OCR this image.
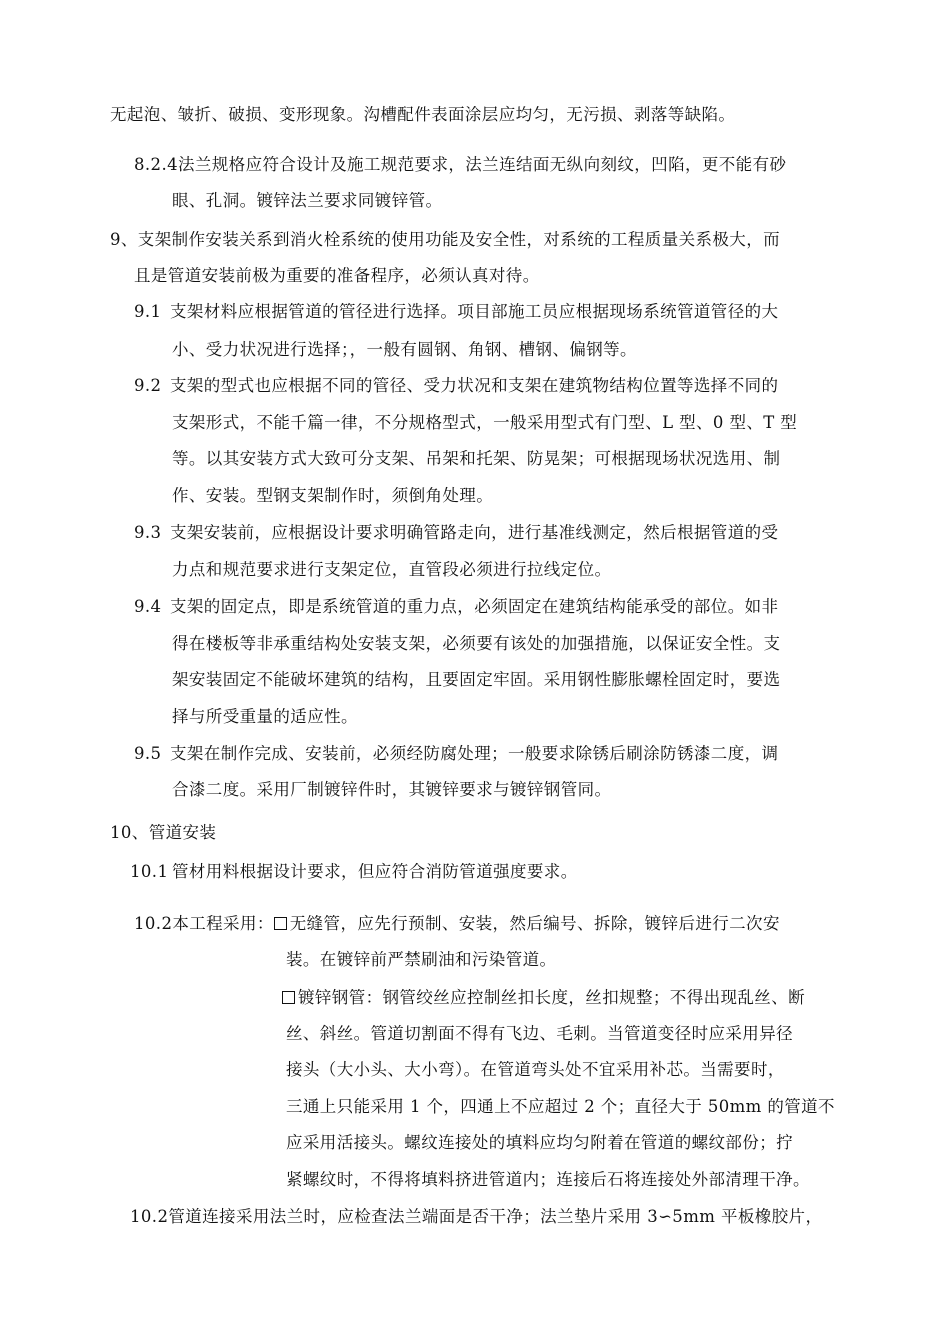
无起泡、皱折、破损、变形现象。沟槽配件表面涂层应均匀，无污损、剥落等缺陷。
8.2.4法兰规格应符合设计及施工规范要求，法兰连结面无纵向刻纹，凹陷，更不能有砂
眼、孔洞。镀锌法兰要求同镀锌管。
9、支架制作安装关系到消火栓系统的使用功能及安全性，对系统的工程质量关系极大，而
且是管道安装前极为重要的准备程序，必须认真对待。
9.1 支架材料应根据管道的管径进行选择。项目部施工员应根据现场系统管道管径的大
小、受力状况进行选择；，一般有圆钢、角钢、槽钢、偏钢等。
9.2 支架的型式也应根据不同的管径、受力状况和支架在建筑物结构位置等选择不同的
支架形式，不能千篇一律，不分规格型式，一般采用型式有门型、L 型、0 型、T 型
等。以其安装方式大致可分支架、吊架和托架、防晃架；可根据现场状况选用、制
作、安装。型钢支架制作时，须倒角处理。
9.3 支架安装前，应根据设计要求明确管路走向，进行基准线测定，然后根据管道的受
力点和规范要求进行支架定位，直管段必须进行拉线定位。
9.4 支架的固定点，即是系统管道的重力点，必须固定在建筑结构能承受的部位。如非
得在楼板等非承重结构处安装支架，必须要有该处的加强措施，以保证安全性。支
架安装固定不能破坏建筑的结构，且要固定牢固。采用钢性膨胀螺栓固定时，要选
择与所受重量的适应性。
9.5 支架在制作完成、安装前，必须经防腐处理；一般要求除锈后刷涂防锈漆二度，调
合漆二度。采用厂制镀锌件时，其镀锌要求与镀锌钢管同。
10、管道安装
10.1 管材用料根据设计要求，但应符合消防管道强度要求。
10.2本工程采用： 无缝管，应先行预制、安装，然后编号、拆除，镀锌后进行二次安
装。在镀锌前严禁刷油和污染管道。
镀锌钢管：钢管绞丝应控制丝扣长度，丝扣规整；不得出现乱丝、断
丝、斜丝。管道切割面不得有飞边、毛刺。当管道变径时应采用异径
接头（大小头、大小弯）。在管道弯头处不宜采用补芯。当需要时，
三通上只能采用 1 个，四通上不应超过 2 个；直径大于 50mm 的管道不
应采用活接头。螺纹连接处的填料应均匀附着在管道的螺纹部份；拧
紧螺纹时，不得将填料挤进管道内；连接后石将连接处外部清理干净。
10.2管道连接采用法兰时，应检查法兰端面是否干净；法兰垫片采用 3∽5mm 平板橡胶片，
